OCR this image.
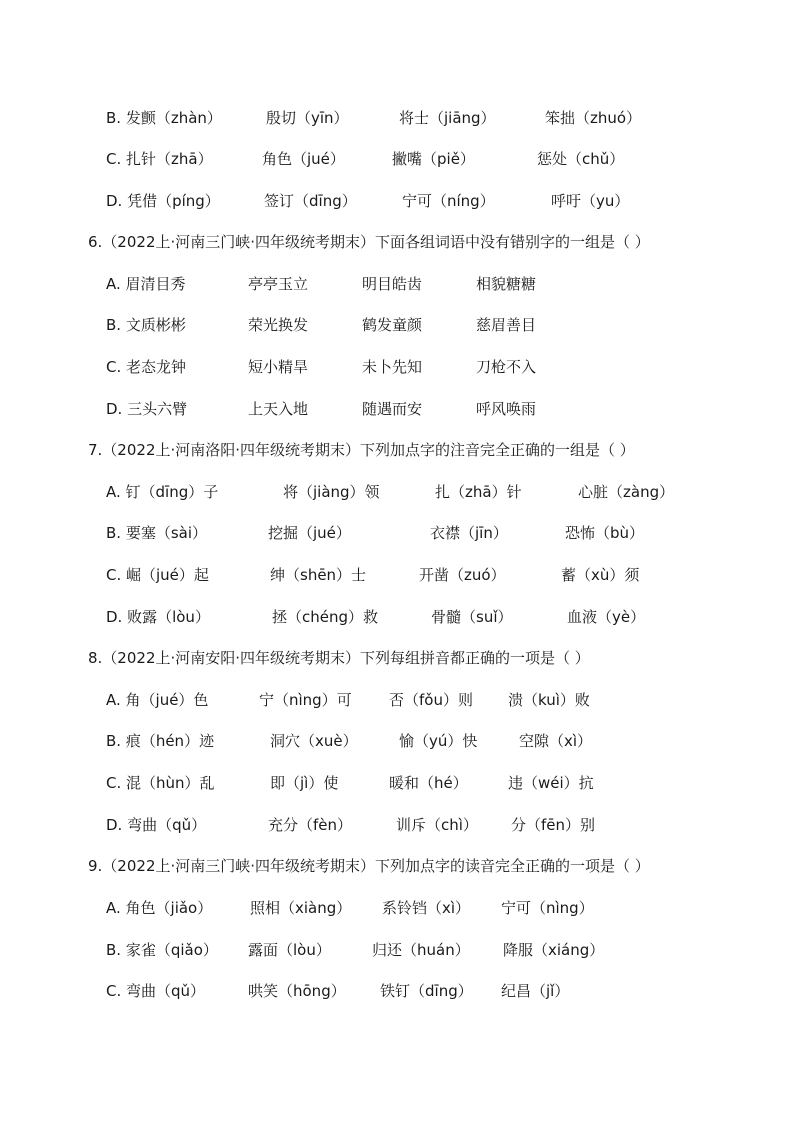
B. 发颤（zhàn）	殷切（yīn）	将士（jiāng）	笨拙（zhuó）
C. 扎针（zhā）	角色（jué）	撇嘴（piě）	惩处（chǔ）
D. 凭借（píng）	签订（dīng）	宁可（níng）	呼吁（yu）
6.（2022上·河南三门峡·四年级统考期末）下面各组词语中没有错别字的一组是（ ）
A. 眉清目秀	亭亭玉立	明目皓齿	相貌糖糖
B. 文质彬彬	荣光换发	鹤发童颜	慈眉善目
C. 老态龙钟	短小精旱	未卜先知	刀枪不入
D. 三头六臂	上天入地	随遇而安	呼风唤雨
7.（2022上·河南洛阳·四年级统考期末）下列加点字的注音完全正确的一组是（ ）
A. 钉（dīng）子	将（jiàng）领	扎（zhā）针	心脏（zàng）
B. 要塞（sài）	挖掘（jué）	衣襟（jīn）	恐怖（bù）
C. 崛（jué）起	绅（shēn）士	开凿（zuó）	蓄（xù）须
D. 败露（lòu）	拯（chéng）救	骨髓（suǐ）	血液（yè）
8.（2022上·河南安阳·四年级统考期末）下列每组拼音都正确的一项是（ ）
A. 角（jué）色	宁（nìng）可 否（fǒu）则 溃（kuì）败
B. 痕（hén）迹	洞穴（xuè）	愉（yú）快	空隙（xì）
C. 混（hùn）乱	即（jì）使	暖和（hé）	违（wéi）抗
D. 弯曲（qǔ）	充分（fèn）	训斥（chì） 分（fēn）别
9.（2022上·河南三门峡·四年级统考期末）下列加点字的读音完全正确的一项是（ ）
A. 角色（jiǎo）	照相（xiàng） 系铃铛（xì） 宁可（nìng）
B. 家雀（qiǎo） 露面（lòu）	归还（huán） 降服（xiáng）
C. 弯曲（qǔ）	哄笑（hōng） 铁钉（dīng） 纪昌（jǐ）
